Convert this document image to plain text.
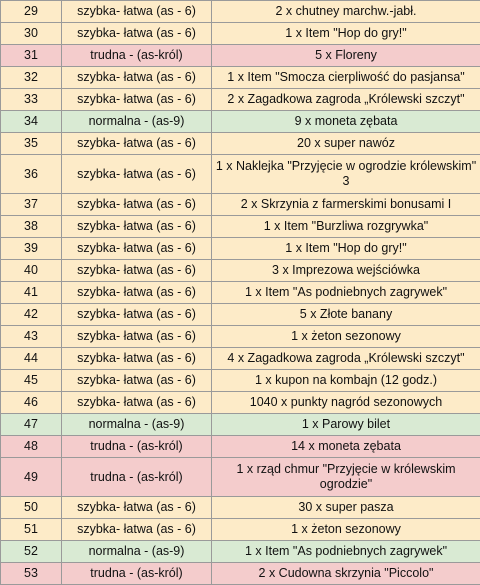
29	szybka- łatwa (as - 6)	2 x chutney marchw.-jabł.
30	szybka- łatwa (as - 6)	1 x Item "Hop do gry!"
31	trudna - (as-król)	5 x Floreny
32	szybka- łatwa (as - 6)	1 x Item "Smocza cierpliwość do pasjansa"
33	szybka- łatwa (as - 6)	2 x Zagadkowa zagroda „Królewski szczyt"
34	normalna - (as-9)	9 x moneta zębata
35	szybka- łatwa (as - 6)	20 x super nawóz
36	szybka- łatwa (as - 6)	1 x Naklejka "Przyjęcie w ogrodzie królewskim" 3
37	szybka- łatwa (as - 6)	2 x Skrzynia z farmerskimi bonusami I
38	szybka- łatwa (as - 6)	1 x Item "Burzliwa rozgrywka"
39	szybka- łatwa (as - 6)	1 x Item "Hop do gry!"
40	szybka- łatwa (as - 6)	3 x Imprezowa wejściówka
41	szybka- łatwa (as - 6)	1 x Item "As podniebnych zagrywek"
42	szybka- łatwa (as - 6)	5 x Złote banany
43	szybka- łatwa (as - 6)	1 x żeton sezonowy
44	szybka- łatwa (as - 6)	4 x Zagadkowa zagroda „Królewski szczyt"
45	szybka- łatwa (as - 6)	1 x kupon na kombajn (12 godz.)
46	szybka- łatwa (as - 6)	1040 x punkty nagród sezonowych
47	normalna - (as-9)	1 x Parowy bilet
48	trudna - (as-król)	14 x moneta zębata
49	trudna - (as-król)	1 x rząd chmur "Przyjęcie w królewskim ogrodzie"
50	szybka- łatwa (as - 6)	30 x super pasza
51	szybka- łatwa (as - 6)	1 x żeton sezonowy
52	normalna - (as-9)	1 x Item "As podniebnych zagrywek"
53	trudna - (as-król)	2 x Cudowna skrzynia "Piccolo"
